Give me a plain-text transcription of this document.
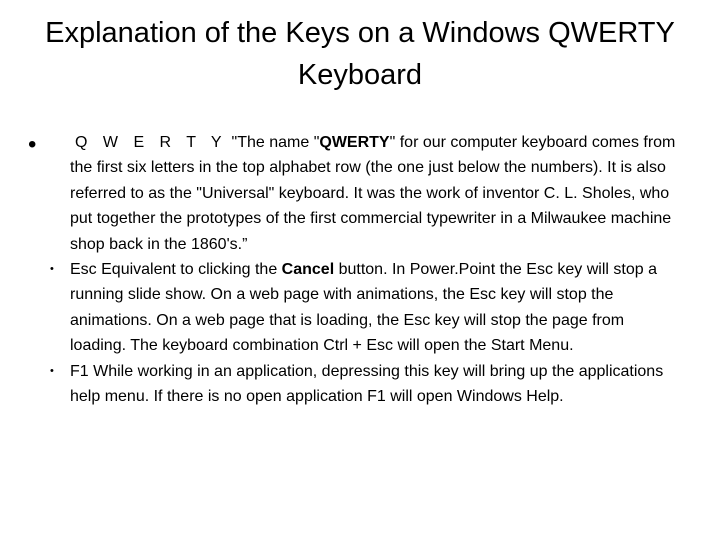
Explanation of the Keys on a Windows QWERTY Keyboard
• Q W E R T Y "The name "QWERTY" for our computer keyboard comes from the first six letters in the top alphabet row (the one just below the numbers). It is also referred to as the "Universal" keyboard. It was the work of inventor C. L. Sholes, who put together the prototypes of the first commercial typewriter in a Milwaukee machine shop back in the 1860's.”
• Esc Equivalent to clicking the Cancel button. In Power.Point the Esc key will stop a running slide show. On a web page with animations, the Esc key will stop the animations. On a web page that is loading, the Esc key will stop the page from loading. The keyboard combination Ctrl + Esc will open the Start Menu.
• F1 While working in an application, depressing this key will bring up the applications help menu. If there is no open application F1 will open Windows Help.
